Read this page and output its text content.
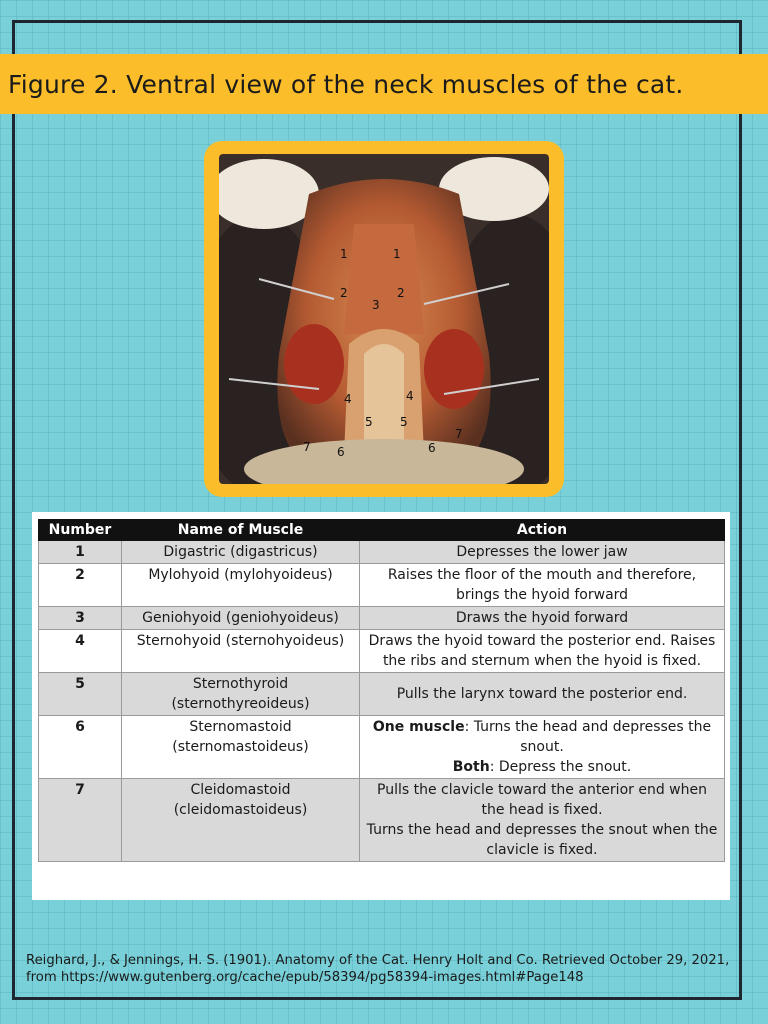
Figure 2. Ventral view of the neck muscles of the cat.
1	1
2	2
3
4	4
5 5
6	6
7
7
Number	Name of Muscle	Action
1	Digastric (digastricus)	Depresses the lower jaw
2	Mylohyoid (mylohyoideus)	Raises the floor of the mouth and therefore, brings the hyoid forward
3	Geniohyoid (geniohyoideus)	Draws the hyoid forward
4	Sternohyoid (sternohyoideus)	Draws the hyoid toward the posterior end. Raises the ribs and sternum when the hyoid is fixed.
5	Sternothyroid (sternothyreoideus)	Pulls the larynx toward the posterior end.
6	Sternomastoid (sternomastoideus)	One muscle: Turns the head and depresses the snout.
Both: Depress the snout.

7	Cleidomastoid (cleidomastoideus)	Pulls the clavicle toward the anterior end when the head is fixed.
Turns the head and depresses the snout when the clavicle is fixed.
Reighard, J., & Jennings, H. S. (1901). Anatomy of the Cat. Henry Holt and Co. Retrieved October 29, 2021, from https://www.gutenberg.org/cache/epub/58394/pg58394-images.html#Page148
